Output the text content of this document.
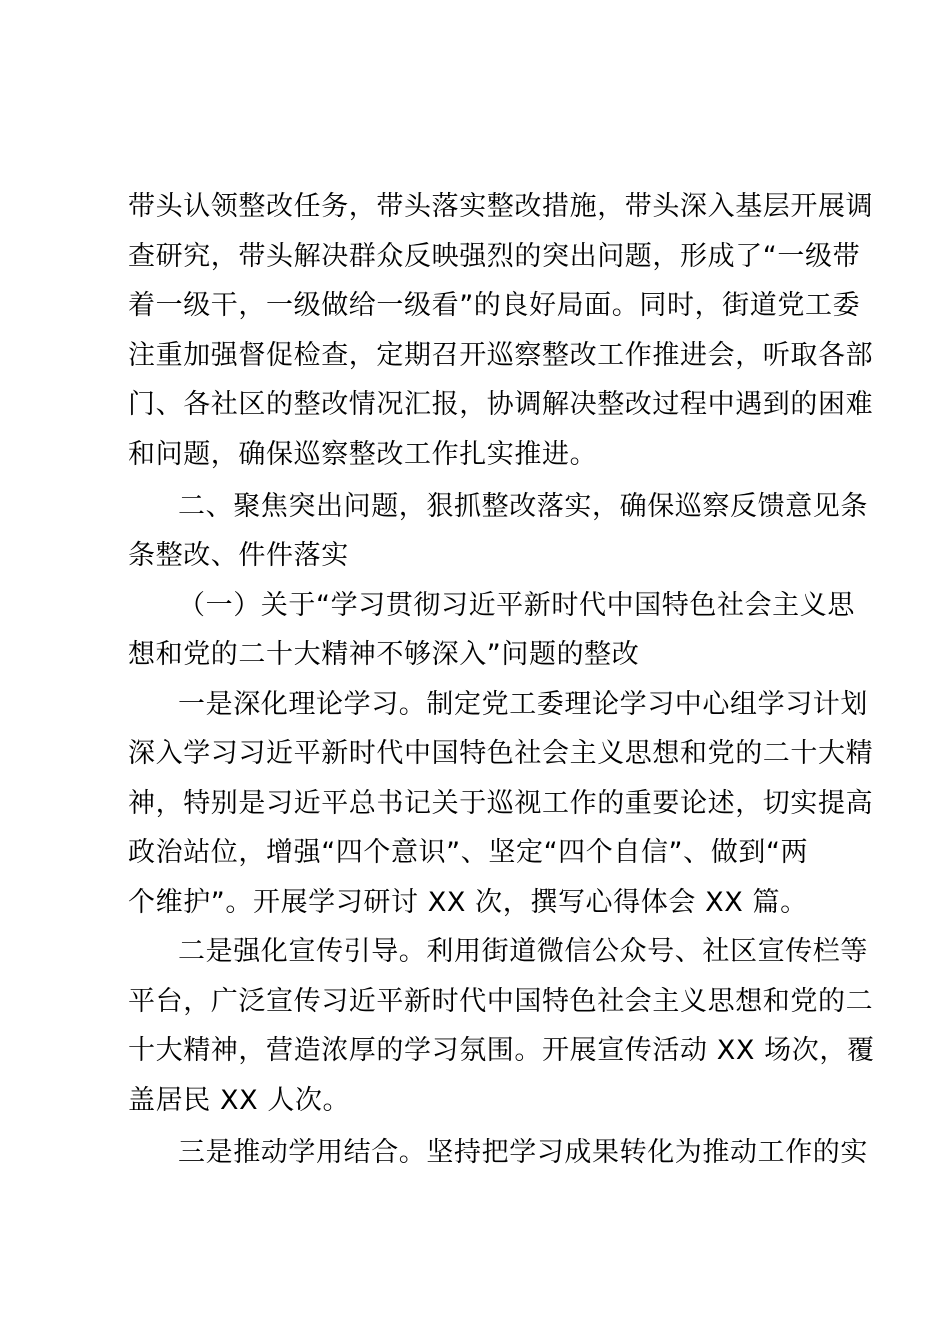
带头认领整改任务，带头落实整改措施，带头深入基层开展调
查研究，带头解决群众反映强烈的突出问题，形成了“一级带
着一级干，一级做给一级看”的良好局面。同时，街道党工委
注重加强督促检查，定期召开巡察整改工作推进会，听取各部
门、各社区的整改情况汇报，协调解决整改过程中遇到的困难
和问题，确保巡察整改工作扎实推进。
二、聚焦突出问题，狠抓整改落实，确保巡察反馈意见条
条整改、件件落实
（一）关于“学习贯彻习近平新时代中国特色社会主义思
想和党的二十大精神不够深入”问题的整改
一是深化理论学习。制定党工委理论学习中心组学习计划
深入学习习近平新时代中国特色社会主义思想和党的二十大精
神，特别是习近平总书记关于巡视工作的重要论述，切实提高
政治站位，增强“四个意识”、坚定“四个自信”、做到“两
个维护”。开展学习研讨 XX 次，撰写心得体会 XX 篇。
二是强化宣传引导。利用街道微信公众号、社区宣传栏等
平台，广泛宣传习近平新时代中国特色社会主义思想和党的二
十大精神，营造浓厚的学习氛围。开展宣传活动 XX 场次，覆
盖居民 XX 人次。
三是推动学用结合。坚持把学习成果转化为推动工作的实
